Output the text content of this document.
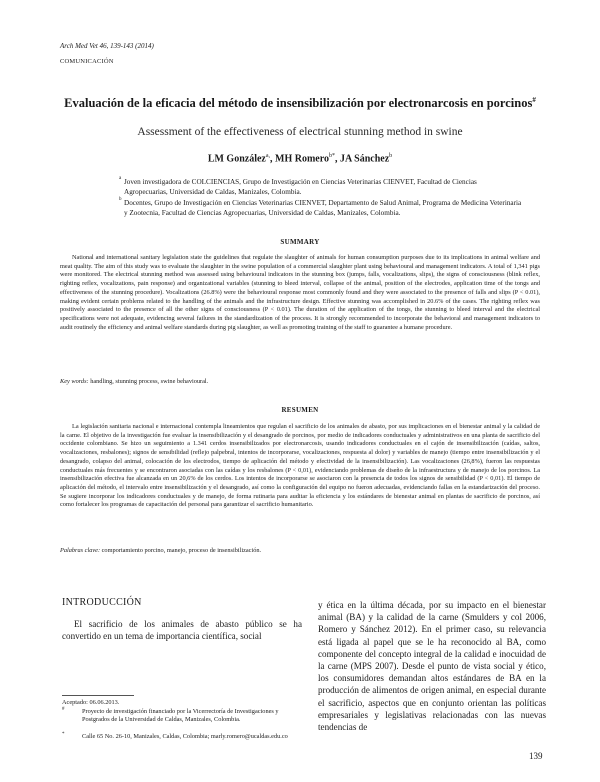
Arch Med Vet 46, 139-143 (2014)
COMUNICACIÓN
Evaluación de la eficacia del método de insensibilización por electronarcosis en porcinos#
Assessment of the effectiveness of electrical stunning method in swine
LM González$^{a,}$, MH Romero$^{b*}$, JA Sánchez$^b$
a Joven investigadora de COLCIENCIAS, Grupo de Investigación en Ciencias Veterinarias CIENVET, Facultad de Ciencias Agropecuarias, Universidad de Caldas, Manizales, Colombia.
b Docentes, Grupo de Investigación en Ciencias Veterinarias CIENVET, Departamento de Salud Animal, Programa de Medicina Veterinaria y Zootecnia, Facultad de Ciencias Agropecuarias, Universidad de Caldas, Manizales, Colombia.
SUMMARY
National and international sanitary legislation state the guidelines that regulate the slaughter of animals for human consumption purposes due to its implications in animal welfare and meat quality. The aim of this study was to evaluate the slaughter in the swine population of a commercial slaughter plant using behavioural and management indicators. A total of 1,341 pigs were monitored. The electrical stunning method was assessed using behavioural indicators in the stunning box (jumps, falls, vocalizations, slips), the signs of consciousness (blink reflex, righting reflex, vocalizations, pain response) and organizational variables (stunning to bleed interval, collapse of the animal, position of the electrodes, application time of the tongs and effectiveness of the stunning procedure). Vocalizations (26.8%) were the behavioural response most commonly found and they were associated to the presence of falls and slips (P < 0.01), making evident certain problems related to the handling of the animals and the infrastructure design. Effective stunning was accomplished in 20.6% of the cases. The righting reflex was positively associated to the presence of all the other signs of consciousness (P < 0.01). The duration of the application of the tongs, the stunning to bleed interval and the electrical specifications were not adequate, evidencing several failures in the standardization of the process. It is strongly recommended to incorporate the behavioral and management indicators to audit routinely the efficiency and animal welfare standards during pig slaughter, as well as promoting training of the staff to guarantee a humane procedure.
Key words: handling, stunning process, swine behavioural.
RESUMEN
La legislación sanitaria nacional e internacional contempla lineamientos que regulan el sacrificio de los animales de abasto, por sus implicaciones en el bienestar animal y la calidad de la carne. El objetivo de la investigación fue evaluar la insensibilización y el desangrado de porcinos, por medio de indicadores conductuales y administrativos en una planta de sacrificio del occidente colombiano. Se hizo un seguimiento a 1.341 cerdos insensibilizados por electronarcosis, usando indicadores conductuales en el cajón de insensibilización (caídas, saltos, vocalizaciones, resbalones); signos de sensibilidad (reflejo palpebral, intentos de incorporarse, vocalizaciones, respuesta al dolor) y variables de manejo (tiempo entre insensibilización y el desangrado, colapso del animal, colocación de los electrodos, tiempo de aplicación del método y efectividad de la insensibilización). Las vocalizaciones (26,8%), fueron las respuestas conductuales más frecuentes y se encontraron asociadas con las caídas y los resbalones (P < 0,01), evidenciando problemas de diseño de la infraestructura y de manejo de los porcinos. La insensibilización efectiva fue alcanzada en un 20,6% de los cerdos. Los intentos de incorporarse se asociaron con la presencia de todos los signos de sensibilidad (P < 0,01). El tiempo de aplicación del método, el intervalo entre insensibilización y el desangrado, así como la configuración del equipo no fueron adecuadas, evidenciando fallas en la estandarización del proceso. Se sugiere incorporar los indicadores conductuales y de manejo, de forma rutinaria para auditar la eficiencia y los estándares de bienestar animal en plantas de sacrificio de porcinos, así como fortalecer los programas de capacitación del personal para garantizar el sacrificio humanitario.
Palabras clave: comportamiento porcino, manejo, proceso de insensibilización.
INTRODUCCIÓN
El sacrificio de los animales de abasto público se ha convertido en un tema de importancia científica, social
y ética en la última década, por su impacto en el bienestar animal (BA) y la calidad de la carne (Smulders y col 2006, Romero y Sánchez 2012). En el primer caso, su relevancia está ligada al papel que se le ha reconocido al BA, como componente del concepto integral de la calidad e inocuidad de la carne (MPS 2007). Desde el punto de vista social y ético, los consumidores demandan altos estándares de BA en la producción de alimentos de origen animal, en especial durante el sacrificio, aspectos que en conjunto orientan las políticas empresariales y legislativas relacionadas con las nuevas tendencias de
Aceptado: 06.06.2013.
#	Proyecto de investigación financiado por la Vicerrectoría de Investigaciones y Postgrados de la Universidad de Caldas, Manizales, Colombia.
*	Calle 65 No. 26-10, Manizales, Caldas, Colombia; marly.romero@ucaldas.edu.co
139
